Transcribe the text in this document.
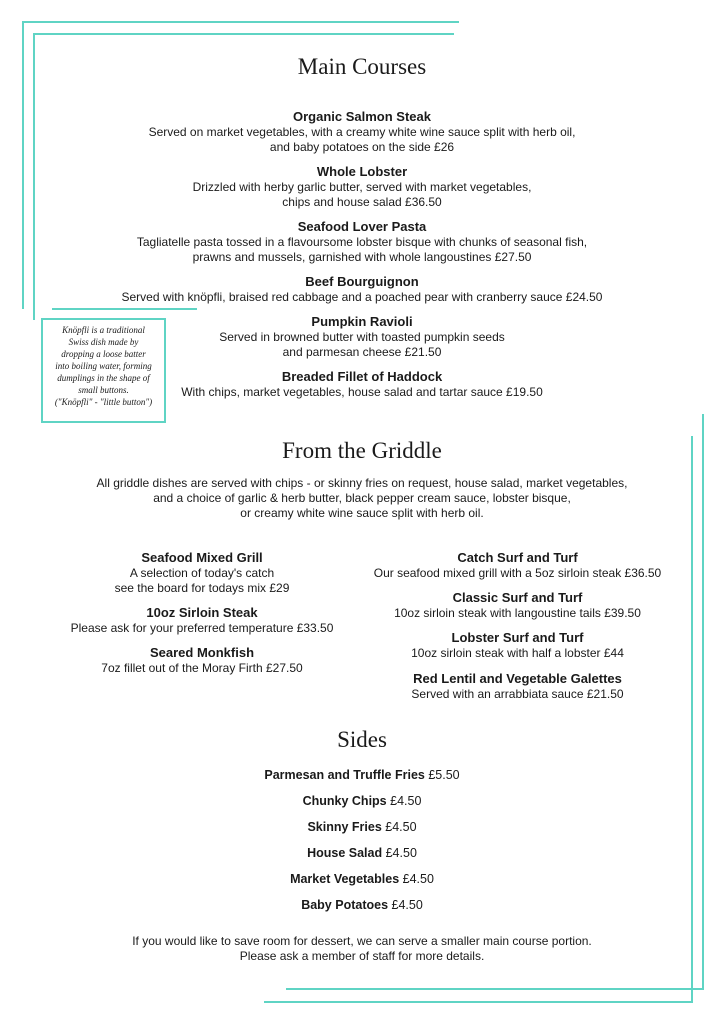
Main Courses
Organic Salmon Steak
Served on market vegetables, with a creamy white wine sauce split with herb oil,
and baby potatoes on the side £26
Whole Lobster
Drizzled with herby garlic butter, served with market vegetables,
chips and house salad £36.50
Seafood Lover Pasta
Tagliatelle pasta tossed in a flavoursome lobster bisque with chunks of seasonal fish,
prawns and mussels, garnished with whole langoustines £27.50
Beef Bourguignon
Served with knöpfli, braised red cabbage and a poached pear with cranberry sauce £24.50
Pumpkin Ravioli
Served in browned butter with toasted pumpkin seeds
and parmesan cheese £21.50
Breaded Fillet of Haddock
With chips, market vegetables, house salad and tartar sauce £19.50
Knöpfli is a traditional
Swiss dish made by
dropping a loose batter
into boiling water, forming
dumplings in the shape of
small buttons.
("Knöpfli" - "little button")
From the Griddle
All griddle dishes are served with chips - or skinny fries on request, house salad, market vegetables,
and a choice of garlic & herb butter, black pepper cream sauce, lobster bisque,
or creamy white wine sauce split with herb oil.
Seafood Mixed Grill
A selection of today's catch
see the board for todays mix £29
10oz Sirloin Steak
Please ask for your preferred temperature £33.50
Seared Monkfish
7oz fillet out of the Moray Firth £27.50
Catch Surf and Turf
Our seafood mixed grill with a 5oz sirloin steak £36.50
Classic Surf and Turf
10oz sirloin steak with langoustine tails £39.50
Lobster Surf and Turf
10oz sirloin steak with half a lobster £44
Red Lentil and Vegetable Galettes
Served with an arrabbiata sauce £21.50
Sides
Parmesan and Truffle Fries £5.50
Chunky Chips £4.50
Skinny Fries £4.50
House Salad £4.50
Market Vegetables £4.50
Baby Potatoes £4.50
If you would like to save room for dessert, we can serve a smaller main course portion.
Please ask a member of staff for more details.
